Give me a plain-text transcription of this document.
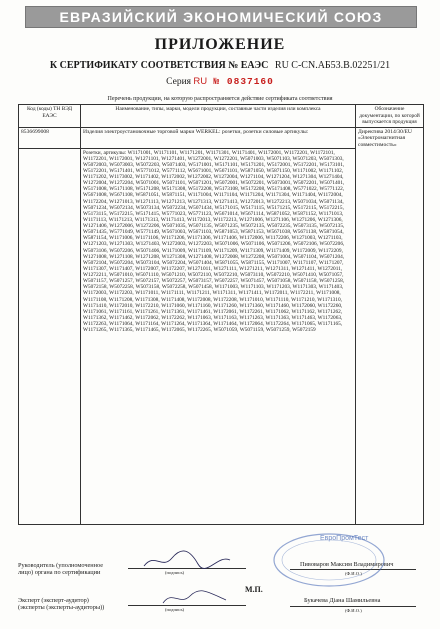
ЕВРАЗИЙСКИЙ ЭКОНОМИЧЕСКИЙ СОЮЗ
ПРИЛОЖЕНИЕ
К СЕРТИФИКАТУ СООТВЕТСТВИЯ № ЕАЭС RU C-CN.АБ53.В.02251/21
Серия RU № 0837160
Перечень продукции, на которую распространяется действие сертификата соответствия
Код (коды) ТН ВЭД ЕАЭС	Наименование, типы, марки, модели продукции, составные части изделия или комплекса	Обозначение документации, по которой выпускается продукция
8536699008	Изделия электроустановочные торговой марки WERKEL: розетки, розетки силовые артикулы:	Директива 2014/30/EU «Электромагнитная совместимость»
	Розетки, артикулы: W1171001, W1171101, W1171201, W1171301, W1171401, W1172001, W1172201, W1172101, W1172201, W1172001, W1271101, W1271401, W1272001, W1272201, W5071003, W5071103, W5071203, W5071303, W5072003, W5073003, W5072203, W5071403, W5171001, W5171101, W5171201, W5172001, W5172201, W5173101, W5172201, W5171401, W5771012, W5771112, W5671001, W5671101, W5871050, W5871150, W1171002, W1171102, W1171202, W1173002, W1171402, W1172002, W1272002, W1272004, W1271104, W1271204, W1271304, W1271404, W1272004, W1272204, W5071001, W5071101, W5071201, W5072001, W5072201, W5073001, W5072201, W5071401, W5171008, W5171108, W5171208, W5171308, W5172208, W5173108, W5172208, W5171408, W5771022, W5771122, W5671008, W5671108, W5871051, W5871151, W1171004, W1171104, W1171204, W1171304, W1171404, W1172004, W1172204, W1271013, W1271113, W1271213, W1271313, W1271413, W1272013, W1272213, W5071034, W5071134, W5071234, W5072134, W5073134, W5072234, W5071434, W5171015, W5171115, W5171215, W5172115, W5172215, W5173115, W5172215, W5171415, W5771023, W5771123, W5671014, W5671114, W5871052, W5871152, W1171013, W1171113, W1171213, W1171313, W1171413, W1172013, W1172213, W1271006, W1271106, W1271206, W1271306, W1271406, W1272006, W1272206, W5071035, W5071135, W5071235, W5072135, W5072235, W5073135, W5072135, W5071435, W5771049, W5771149, W5671003, W5671103, W5871053, W5871153, W5671038, W5671138, W5871054, W5871154, W1171006, W1171106, W1171206, W1171306, W1171406, W1172006, W1172206, W1271003, W1271103, W1271203, W1271303, W1271403, W1272003, W1272203, W5071006, W5071106, W5071206, W5072106, W5072206, W5073106, W5072206, W5071406, W1171009, W1171109, W1171209, W1171309, W1171409, W1172009, W1172209, W1271008, W1271108, W1271208, W1271308, W1271408, W1272008, W1272208, W5071004, W5071104, W5071204, W5072104, W5072204, W5073104, W5072204, W5071404, W5871055, W5871155, W1171007, W1171107, W1171207, W1171307, W1171407, W1172007, W1172207, W1271011, W1271111, W1271211, W1271311, W1271411, W1272011, W1272211, W5071010, W5071110, W5071210, W5072110, W5072210, W5073110, W5072210, W5071410, W5071057, W5071157, W5071257, W5072157, W5072257, W5073157, W5072257, W5071457, W5071058, W5071158, W5071258, W5072158, W5072258, W5073158, W5072258, W5071458, W1171003, W1171103, W1171203, W1171303, W1171403, W1172003, W1172203, W1171011, W1171111, W1171211, W1171311, W1171411, W1172011, W1172211, W1171008, W1171108, W1171208, W1171308, W1171408, W1172008, W1172208, W1171010, W1171110, W1171210, W1171310, W1171410, W1172010, W1172210, W1171060, W1171160, W1171260, W1171360, W1171460, W1172060, W1172260, W1171061, W1171161, W1171261, W1171361, W1171461, W1172061, W1172261, W1171062, W1171162, W1171262, W1171362, W1171462, W1172062, W1172262, W1171063, W1171163, W1171263, W1171363, W1171463, W1172063, W1172263, W1171064, W1171164, W1171264, W1171364, W1171464, W1172064, W1172264, W1171065, W1171165, W1171265, W1171365, W1171465, W1172065, W1172265, W5071059, W5071159, W5071259, W5072159	
Руководитель (уполномоченное
лицо) органа по сертификации	(подпись)
Пивоваров Максим Владимирович
(Ф.И.О.)
М.П.
Эксперт (эксперт-аудитор)
(эксперты (эксперты-аудиторы))	(подпись)
Букачева Дiана Шамильевна
(Ф.И.О.)
ЕвроПромТест
